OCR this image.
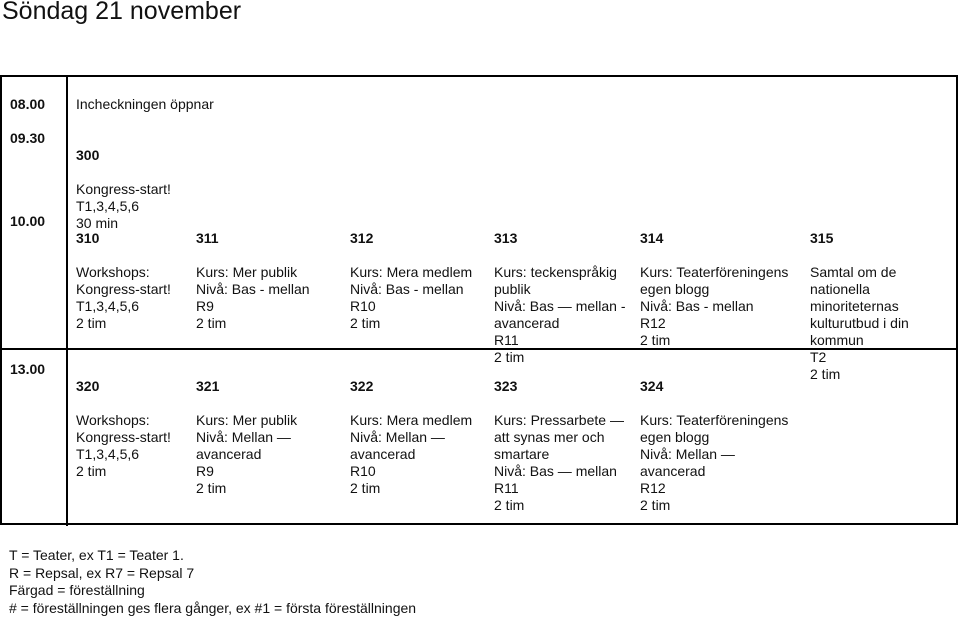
Söndag 21 november
08.00 Incheckningen öppnar
09.30

300

Kongress-start!
T1,3,4,5,6
30 min

10.00

310

Workshops:
Kongress-start!
T1,3,4,5,6
2 tim

311

Kurs: Mer publik
Nivå: Bas - mellan
R9
2 tim

312

Kurs: Mera medlem
Nivå: Bas - mellan
R10
2 tim

313

Kurs: teckenspråkig
publik
Nivå: Bas — mellan -
avancerad
R11
2 tim

314

Kurs: Teaterföreningens
egen blogg
Nivå: Bas - mellan
R12
2 tim

315

Samtal om de
nationella
minoriteternas
kulturutbud i din
kommun
T2
2 tim

13.00

320

Workshops:
Kongress-start!
T1,3,4,5,6
2 tim

321

Kurs: Mer publik
Nivå: Mellan —
avancerad
R9
2 tim

322

Kurs: Mera medlem
Nivå: Mellan —
avancerad
R10
2 tim

323

Kurs: Pressarbete —
att synas mer och
smartare
Nivå: Bas — mellan
R11
2 tim

324

Kurs: Teaterföreningens
egen blogg
Nivå: Mellan —
avancerad
R12
2 tim

T = Teater, ex T1 = Teater 1.
R = Repsal, ex R7 = Repsal 7
Färgad = föreställning
# = föreställningen ges flera gånger, ex #1 = första föreställningen
